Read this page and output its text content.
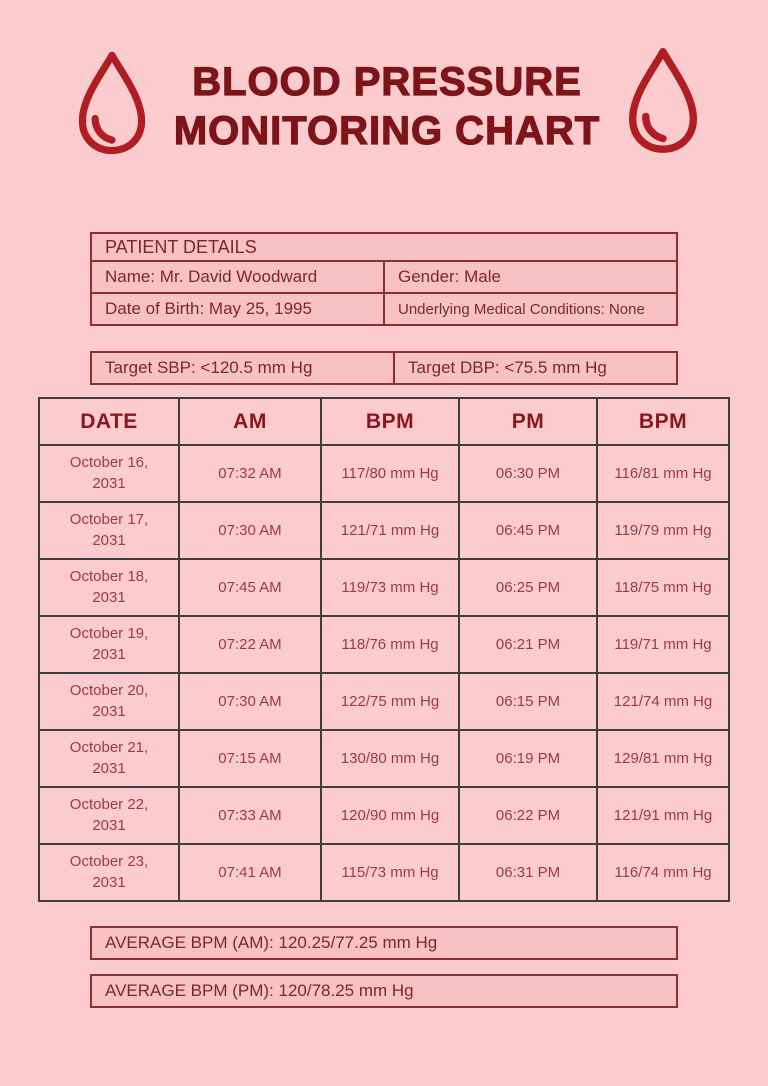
BLOOD PRESSURE
MONITORING CHART
PATIENT DETAILS	
Name: Mr. David Woodward	Gender: Male
Date of Birth: May 25, 1995	Underlying Medical Conditions: None
Target SBP: <120.5 mm Hg	Target DBP: <75.5 mm Hg
DATE	AM	BPM	PM	BPM

October 16, 2031	07:32 AM	117/80 mm Hg	06:30 PM	116/81 mm Hg

October 17, 2031	07:30 AM	121/71 mm Hg	06:45 PM	119/79 mm Hg

October 18, 2031	07:45 AM	119/73 mm Hg	06:25 PM	118/75 mm Hg

October 19, 2031	07:22 AM	118/76 mm Hg	06:21 PM	119/71 mm Hg

October 20, 2031	07:30 AM	122/75 mm Hg	06:15 PM	121/74 mm Hg

October 21, 2031	07:15 AM	130/80 mm Hg	06:19 PM	129/81 mm Hg

October 22, 2031	07:33 AM	120/90 mm Hg	06:22 PM	121/91 mm Hg

October 23, 2031	07:41 AM	115/73 mm Hg	06:31 PM	116/74 mm Hg
AVERAGE BPM (AM): 120.25/77.25 mm Hg
AVERAGE BPM (PM): 120/78.25 mm Hg
